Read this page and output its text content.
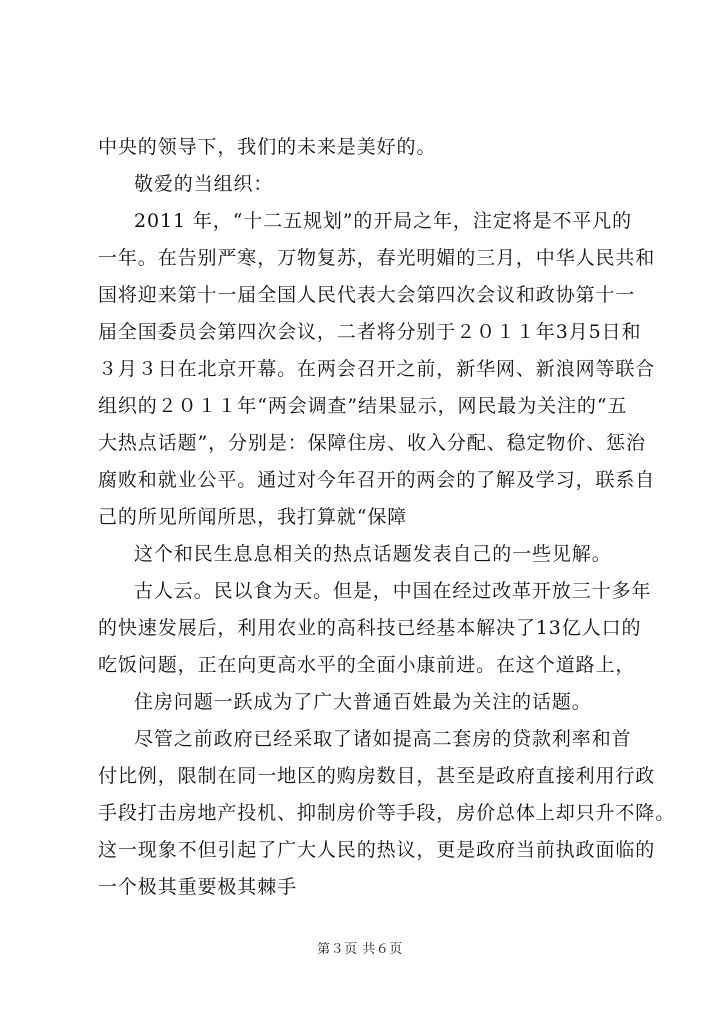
中央的领导下，我们的未来是美好的。
敬爱的当组织：
2011 年，“十二五规划”的开局之年，注定将是不平凡的
一年。在告别严寒，万物复苏，春光明媚的三月，中华人民共和
国将迎来第十一届全国人民代表大会第四次会议和政协第十一
届全国委员会第四次会议，二者将分别于２０１１年3月5日和
３月３日在北京开幕。在两会召开之前，新华网、新浪网等联合
组织的２０１１年“两会调查”结果显示，网民最为关注的“五
大热点话题”，分别是：保障住房、收入分配、稳定物价、惩治
腐败和就业公平。通过对今年召开的两会的了解及学习，联系自
己的所见所闻所思，我打算就“保障
这个和民生息息相关的热点话题发表自己的一些见解。
古人云。民以食为天。但是，中国在经过改革开放三十多年
的快速发展后，利用农业的高科技已经基本解决了13亿人口的
吃饭问题，正在向更高水平的全面小康前进。在这个道路上，
住房问题一跃成为了广大普通百姓最为关注的话题。
尽管之前政府已经采取了诸如提高二套房的贷款利率和首
付比例，限制在同一地区的购房数目，甚至是政府直接利用行政
手段打击房地产投机、抑制房价等手段，房价总体上却只升不降。
这一现象不但引起了广大人民的热议，更是政府当前执政面临的
一个极其重要极其棘手
第３页 共６页
